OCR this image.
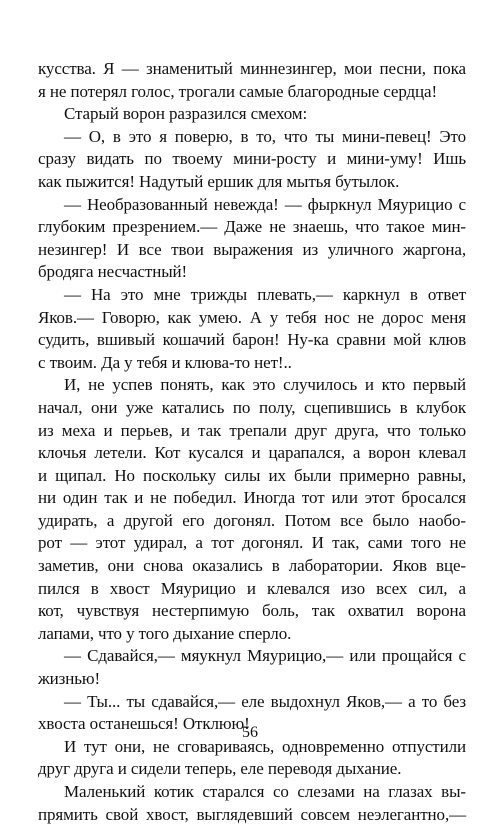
кусства. Я — знаменитый миннезингер, мои песни, пока
я не потерял голос, трогали самые благородные сердца!
Старый ворон разразился смехом:
— О, в это я поверю, в то, что ты мини-певец! Это
сразу видать по твоему мини-росту и мини-уму! Ишь
как пыжится! Надутый ершик для мытья бутылок.
— Необразованный невежда! — фыркнул Мяурицио с
глубоким презрением.— Даже не знаешь, что такое мин-
незингер! И все твои выражения из уличного жаргона,
бродяга несчастный!
— На это мне трижды плевать,— каркнул в ответ
Яков.— Говорю, как умею. А у тебя нос не дорос меня
судить, вшивый кошачий барон! Ну-ка сравни мой клюв
с твоим. Да у тебя и клюва-то нет!..
И, не успев понять, как это случилось и кто первый
начал, они уже катались по полу, сцепившись в клубок
из меха и перьев, и так трепали друг друга, что только
клочья летели. Кот кусался и царапался, а ворон клевал
и щипал. Но поскольку силы их были примерно равны,
ни один так и не победил. Иногда тот или этот бросался
удирать, а другой его догонял. Потом все было наобо-
рот — этот удирал, а тот догонял. И так, сами того не
заметив, они снова оказались в лаборатории. Яков вце-
пился в хвост Мяурицио и клевался изо всех сил, а
кот, чувствуя нестерпимую боль, так охватил ворона
лапами, что у того дыхание сперло.
— Сдавайся,— мяукнул Мяурицио,— или прощайся с
жизнью!
— Ты... ты сдавайся,— еле выдохнул Яков,— а то без
хвоста останешься! Отклюю!
И тут они, не сговариваясь, одновременно отпустили
друг друга и сидели теперь, еле переводя дыхание.
Маленький котик старался со слезами на глазах вы-
прямить свой хвост, выглядевший совсем неэлегантно,—
56
